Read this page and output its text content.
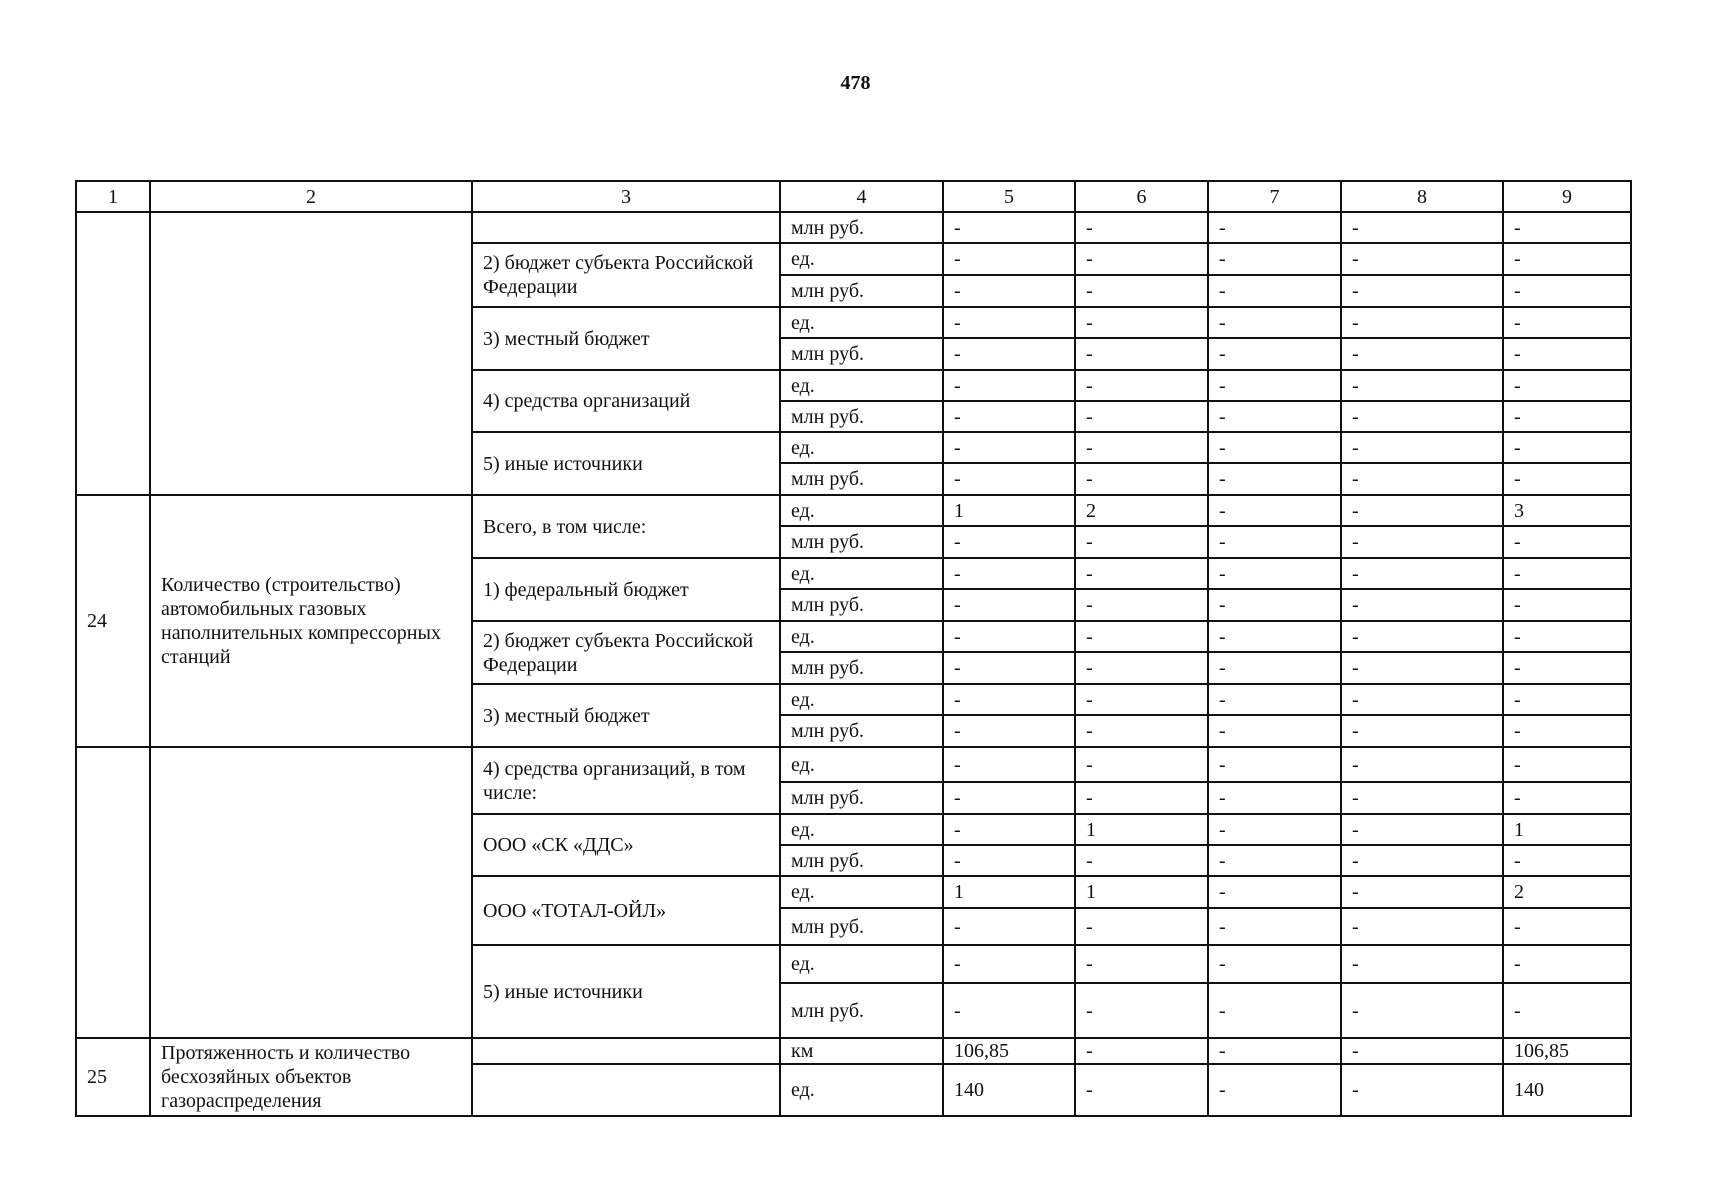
478
1	2	3	4	5	6	7	8	9
			млн руб.	-	-	-	-	-
		2) бюджет субъекта Российской Федерации	ед.	-	-	-	-	-
			млн руб.	-	-	-	-	-
		3) местный бюджет	ед.	-	-	-	-	-
			млн руб.	-	-	-	-	-
		4) средства организаций	ед.	-	-	-	-	-
			млн руб.	-	-	-	-	-
		5) иные источники	ед.	-	-	-	-	-
			млн руб.	-	-	-	-	-
24	Количество (строительство) автомобильных газовых наполнительных компрессорных станций	Всего, в том числе:	ед.	1	2	-	-	3
			млн руб.	-	-	-	-	-
		1) федеральный бюджет	ед.	-	-	-	-	-
			млн руб.	-	-	-	-	-
		2) бюджет субъекта Российской Федерации	ед.	-	-	-	-	-
			млн руб.	-	-	-	-	-
		3) местный бюджет	ед.	-	-	-	-	-
			млн руб.	-	-	-	-	-
		4) средства организаций, в том числе:	ед.	-	-	-	-	-
			млн руб.	-	-	-	-	-
		ООО «СК «ДДС»	ед.	-	1	-	-	1
			млн руб.	-	-	-	-	-
		ООО «ТОТАЛ-ОЙЛ»	ед.	1	1	-	-	2
			млн руб.	-	-	-	-	-
		5) иные источники	ед.	-	-	-	-	-
			млн руб.	-	-	-	-	-
25	Протяженность и количество бесхозяйных объектов газораспределения		км	106,85	-	-	-	106,85
			ед.	140	-	-	-	140
